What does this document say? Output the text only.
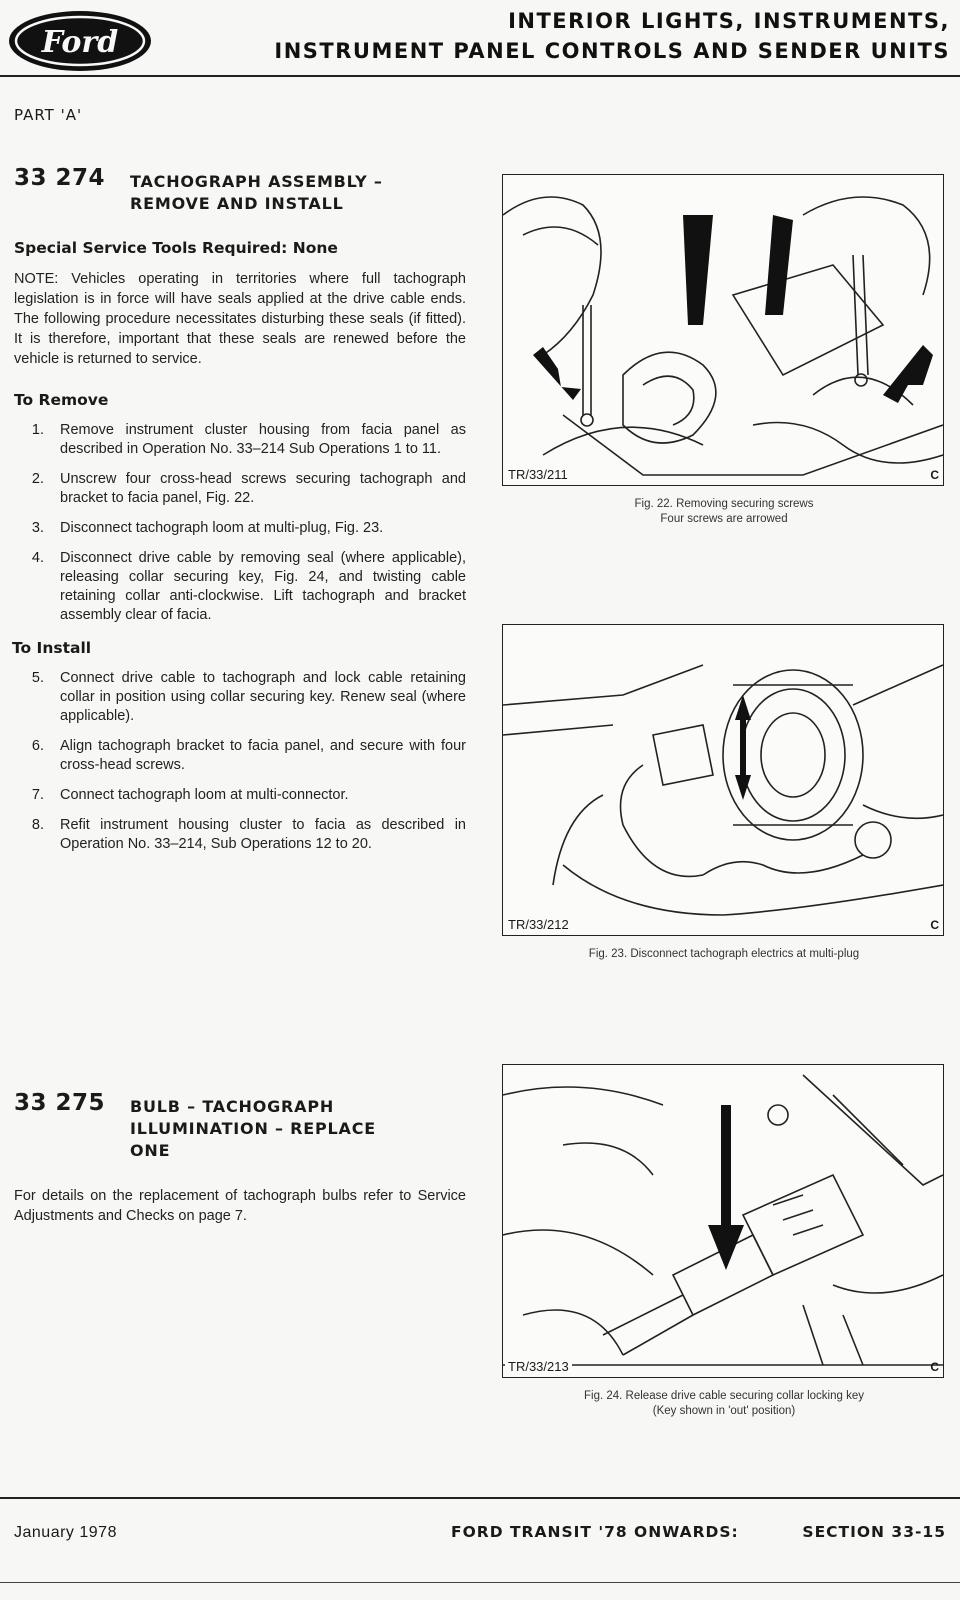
Ford
INTERIOR LIGHTS, INSTRUMENTS,
INSTRUMENT PANEL CONTROLS AND SENDER UNITS
PART 'A'
33 274	TACHOGRAPH ASSEMBLY –
REMOVE AND INSTALL
Special Service Tools Required: None
NOTE: Vehicles operating in territories where full tachograph legislation is in force will have seals applied at the drive cable ends. The following procedure necessitates disturbing these seals (if fitted). It is therefore, important that these seals are renewed before the vehicle is returned to service.
To Remove
1.	Remove instrument cluster housing from facia panel as described in Operation No. 33–214 Sub Operations 1 to 11.
2.	Unscrew four cross-head screws securing tachograph and bracket to facia panel, Fig. 22.
3.	Disconnect tachograph loom at multi-plug, Fig. 23.
4.	Disconnect drive cable by removing seal (where applicable), releasing collar securing key, Fig. 24, and twisting cable retaining collar anti-clockwise. Lift tachograph and bracket assembly clear of facia.
To Install
5.	Connect drive cable to tachograph and lock cable retaining collar in position using collar securing key. Renew seal (where applicable).
6.	Align tachograph bracket to facia panel, and secure with four cross-head screws.
7.	Connect tachograph loom at multi-connector.
8.	Refit instrument housing cluster to facia as described in Operation No. 33–214, Sub Operations 12 to 20.
33 275	BULB – TACHOGRAPH
ILLUMINATION – REPLACE
ONE
For details on the replacement of tachograph bulbs refer to Service Adjustments and Checks on page 7.
TR/33/211	C
Fig. 22. Removing securing screws
Four screws are arrowed
TR/33/212	C
Fig. 23. Disconnect tachograph electrics at multi-plug
TR/33/213	C
Fig. 24. Release drive cable securing collar locking key
(Key shown in 'out' position)
January 1978	FORD TRANSIT '78 ONWARDS:	SECTION 33-15
